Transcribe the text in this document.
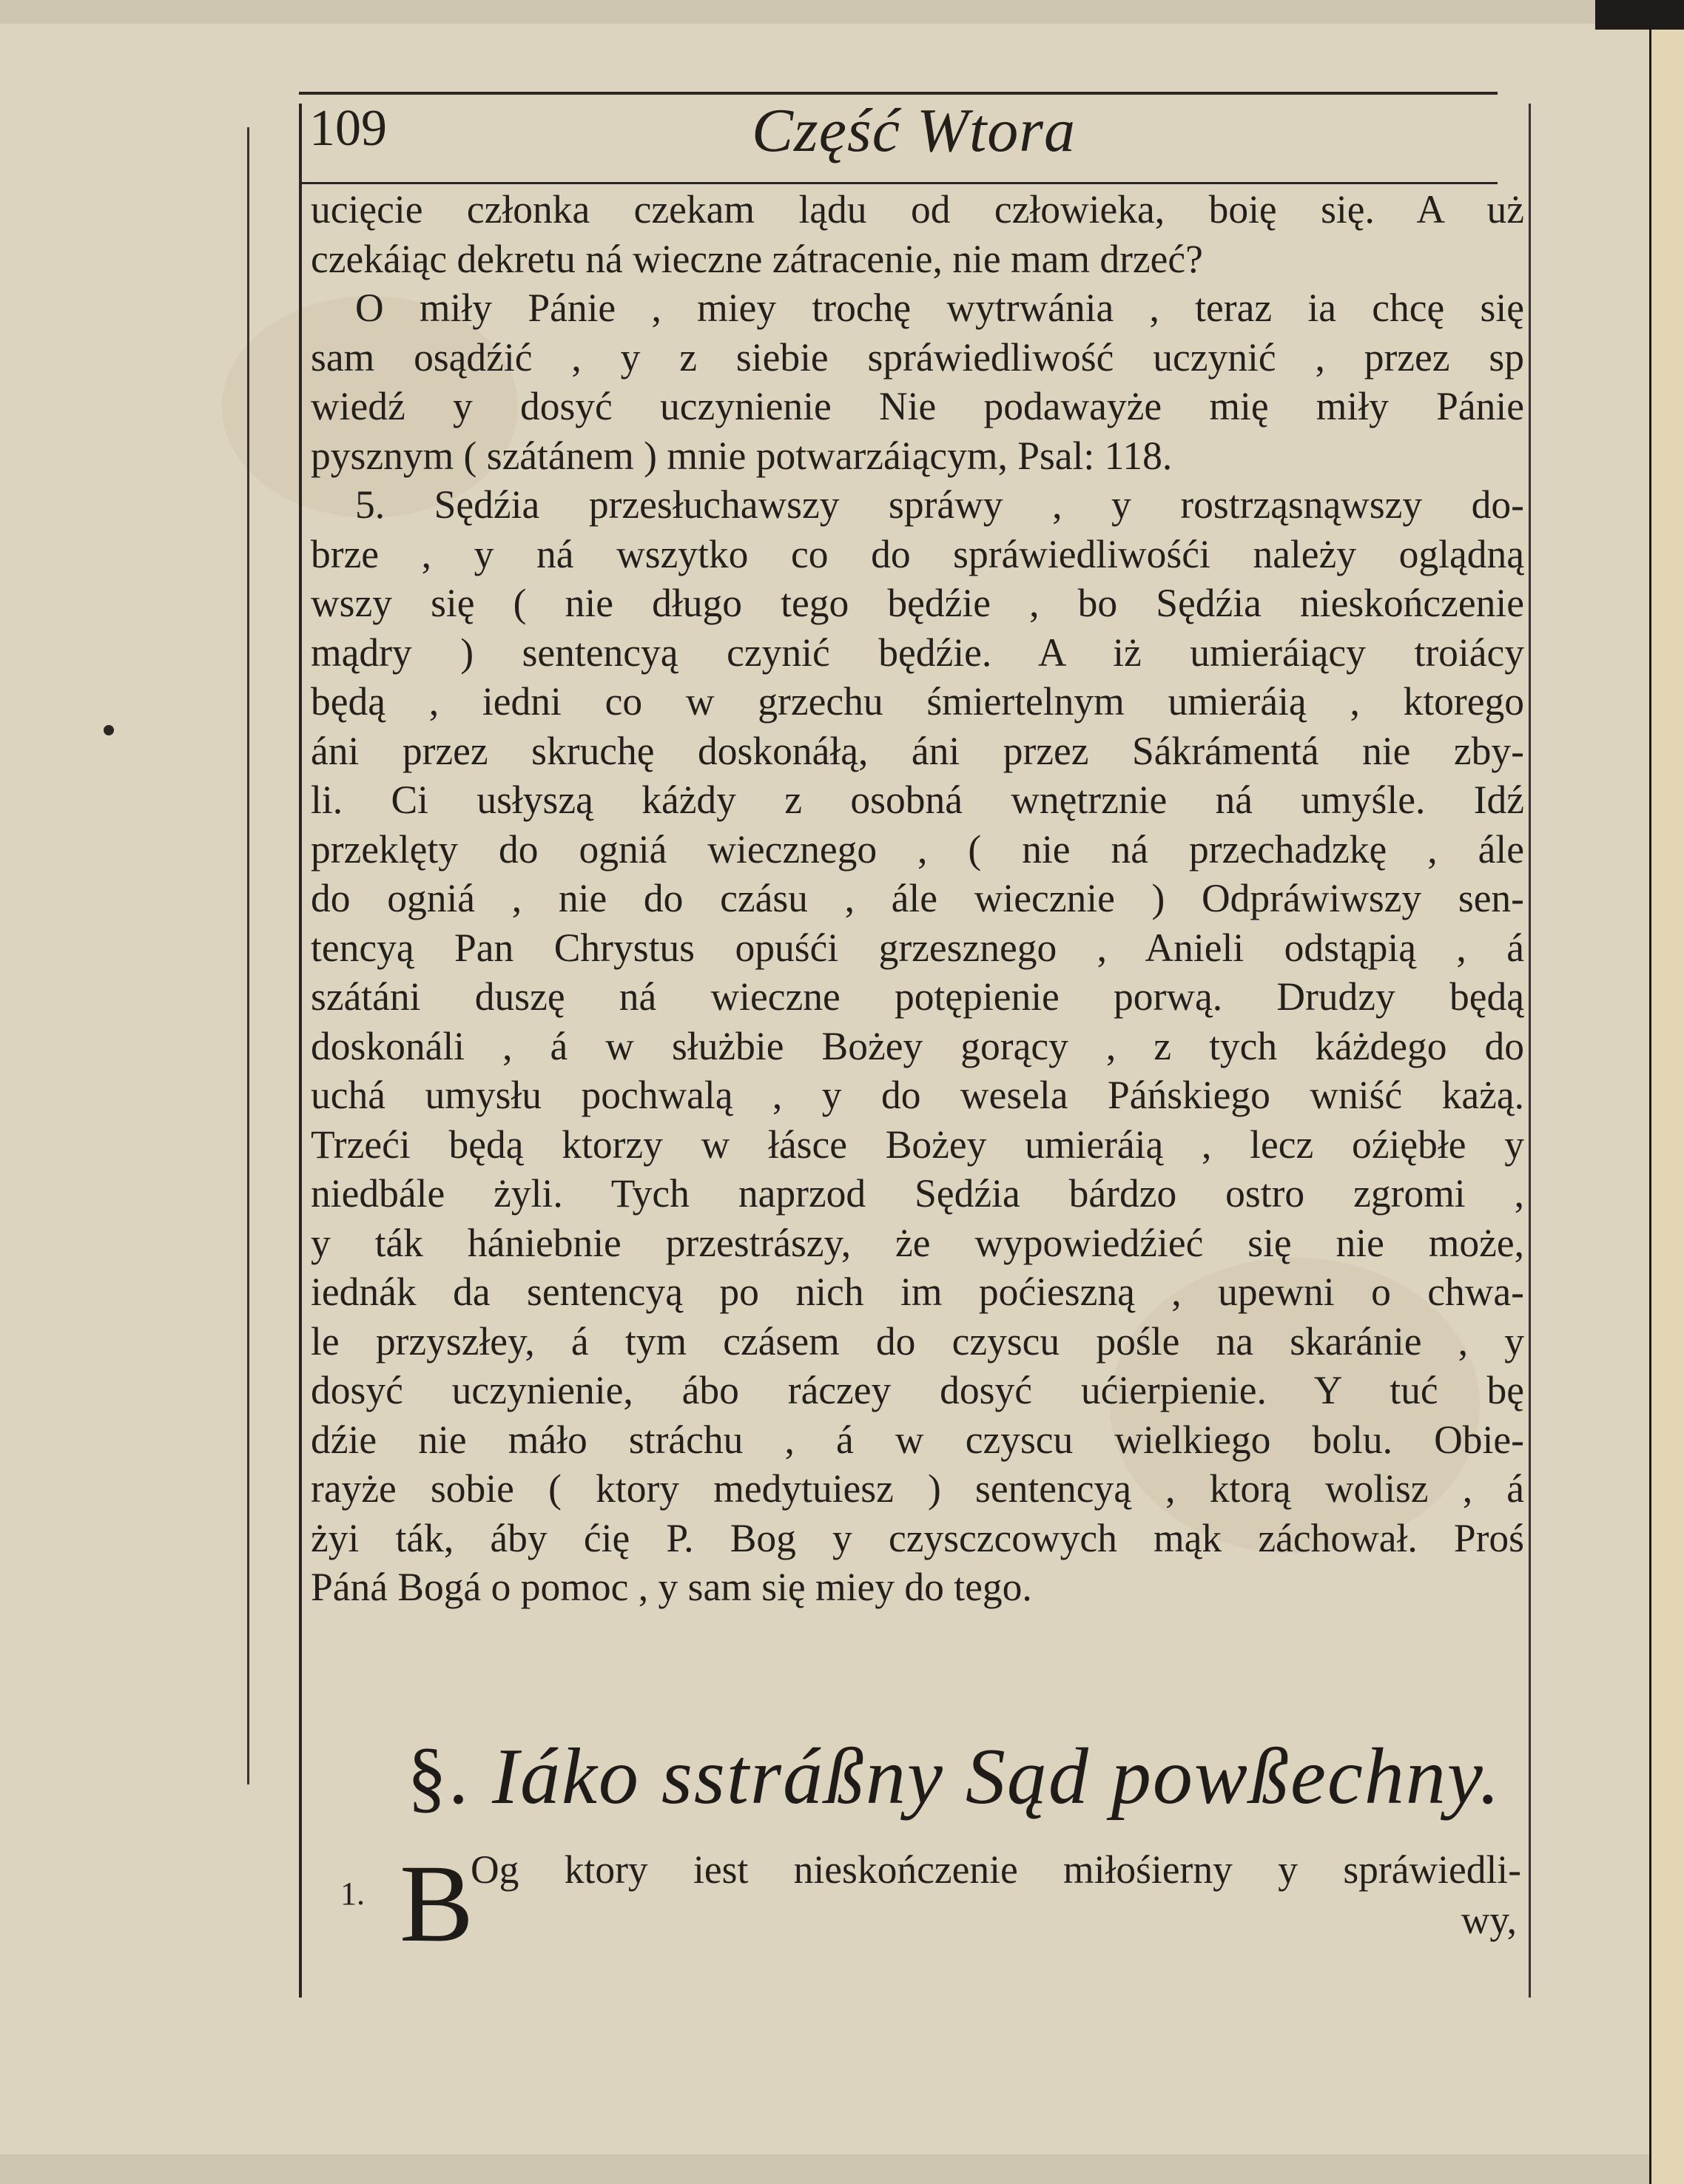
109	Część Wtora
ucięcie członka czekam lądu od człowieka, boię się. A uż
czekáiąc dekretu ná wieczne zátracenie, nie mam drzeć?
O miły Pánie , miey trochę wytrwánia , teraz ia chcę się
sam osądźić , y z siebie spráwiedliwość uczynić , przez sp
wiedź y dosyć uczynienie Nie podawayże mię miły Pánie
pysznym ( szátánem ) mnie potwarzáiącym, Psal: 118.
5. Sędźia przesłuchawszy spráwy , y rostrząsnąwszy do-
brze , y ná wszytko co do spráwiedliwośći należy oglądną
wszy się ( nie długo tego będźie , bo Sędźia nieskończenie
mądry ) sentencyą czynić będźie. A iż umieráiący troiácy
będą , iedni co w grzechu śmiertelnym umieráią , ktorego
áni przez skruchę doskonáłą, áni przez Sákrámentá nie zby-
li. Ci usłyszą káżdy z osobná wnętrznie ná umyśle. Idź
przeklęty do ogniá wiecznego , ( nie ná przechadzkę , ále
do ogniá , nie do czásu , ále wiecznie ) Odpráwiwszy sen-
tencyą Pan Chrystus opuśći grzesznego , Anieli odstąpią , á
szátáni duszę ná wieczne potępienie porwą. Drudzy będą
doskonáli , á w służbie Bożey gorący , z tych káżdego do
uchá umysłu pochwalą , y do wesela Páńskiego wniść każą.
Trzeći będą ktorzy w łásce Bożey umieráią , lecz oźiębłe y
niedbále żyli. Tych naprzod Sędźia bárdzo ostro zgromi ,
y ták hániebnie przestrászy, że wypowiedźieć się nie może,
iednák da sentencyą po nich im poćieszną , upewni o chwa-
le przyszłey, á tym czásem do czyscu pośle na skaránie , y
dosyć uczynienie, ábo ráczey dosyć ućierpienie. Y tuć bę
dźie nie máło stráchu , á w czyscu wielkiego bolu. Obie-
rayże sobie ( ktory medytuiesz ) sentencyą , ktorą wolisz , á
żyi ták, áby ćię P. Bog y czysczcowych mąk záchował. Proś
Páná Bogá o pomoc , y sam się miey do tego.
§. Iáko sstráßny Sąd powßechny.
1. B
Og ktory iest nieskończenie miłośierny y spráwiedli-
wy,
